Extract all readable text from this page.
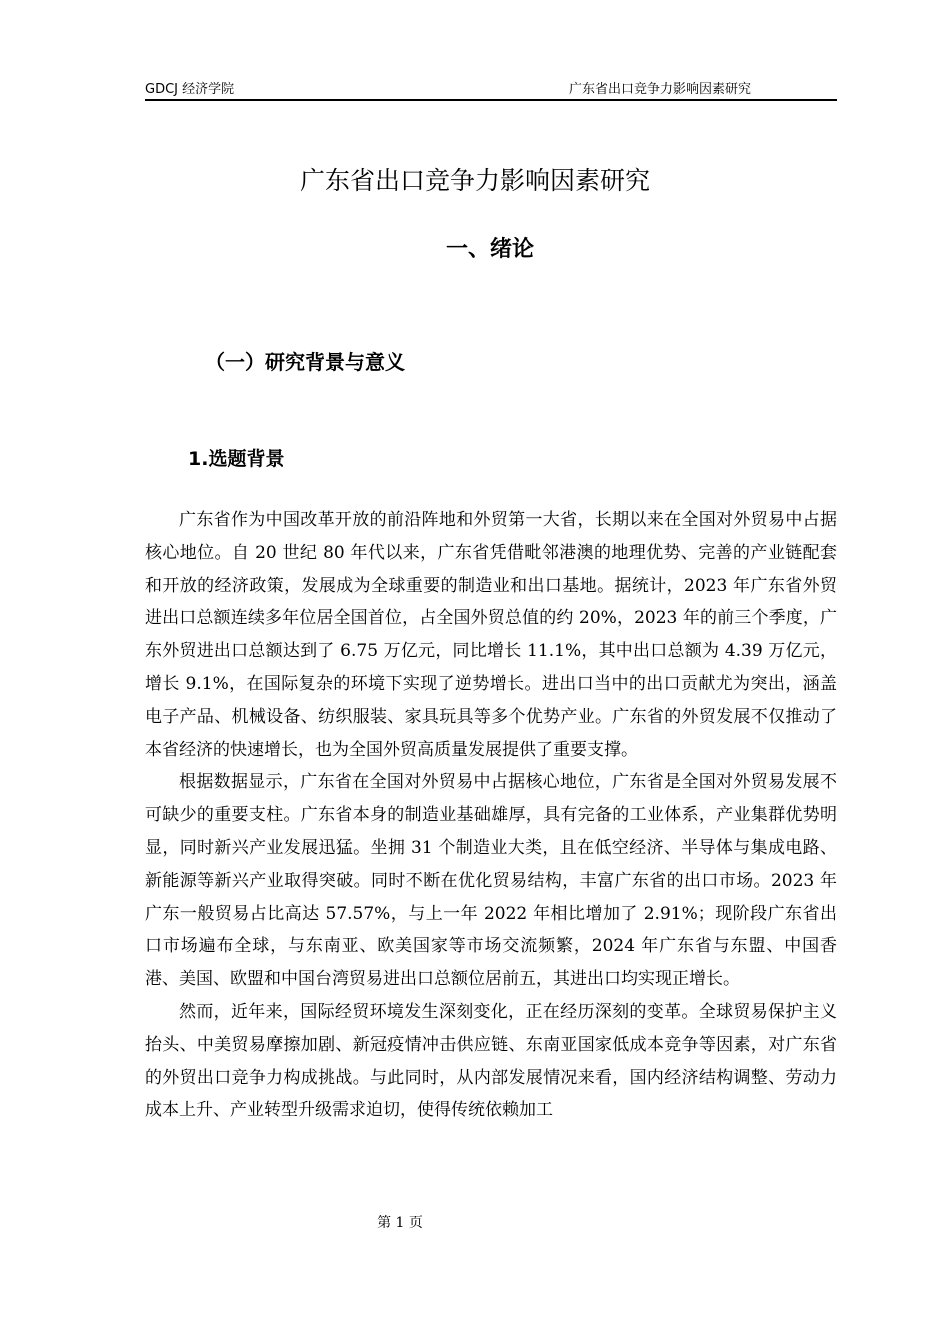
GDCJ 经济学院	广东省出口竞争力影响因素研究
广东省出口竞争力影响因素研究
一、绪论
（一）研究背景与意义
1.选题背景

广东省作为中国改革开放的前沿阵地和外贸第一大省，长期以来在全国对外贸易中占据核心地位。自 20 世纪 80 年代以来，广东省凭借毗邻港澳的地理优势、完善的产业链配套和开放的经济政策，发展成为全球重要的制造业和出口基地。据统计，2023 年广东省外贸进出口总额连续多年位居全国首位，占全国外贸总值的约 20%，2023 年的前三个季度，广东外贸进出口总额达到了 6.75 万亿元，同比增长 11.1%，其中出口总额为 4.39 万亿元，增长 9.1%，在国际复杂的环境下实现了逆势增长。进出口当中的出口贡献尤为突出，涵盖电子产品、机械设备、纺织服装、家具玩具等多个优势产业。广东省的外贸发展不仅推动了本省经济的快速增长，也为全国外贸高质量发展提供了重要支撑。

根据数据显示，广东省在全国对外贸易中占据核心地位，广东省是全国对外贸易发展不可缺少的重要支柱。广东省本身的制造业基础雄厚，具有完备的工业体系，产业集群优势明显，同时新兴产业发展迅猛。坐拥 31 个制造业大类，且在低空经济、半导体与集成电路、新能源等新兴产业取得突破。同时不断在优化贸易结构，丰富广东省的出口市场。2023 年广东一般贸易占比高达 57.57%，与上一年 2022 年相比增加了 2.91%；现阶段广东省出口市场遍布全球，与东南亚、欧美国家等市场交流频繁，2024 年广东省与东盟、中国香港、美国、欧盟和中国台湾贸易进出口总额位居前五，其进出口均实现正增长。

然而，近年来，国际经贸环境发生深刻变化，正在经历深刻的变革。全球贸易保护主义抬头、中美贸易摩擦加剧、新冠疫情冲击供应链、东南亚国家低成本竞争等因素，对广东省的外贸出口竞争力构成挑战。与此同时，从内部发展情况来看，国内经济结构调整、劳动力成本上升、产业转型升级需求迫切，使得传统依赖加工

第 1 页
